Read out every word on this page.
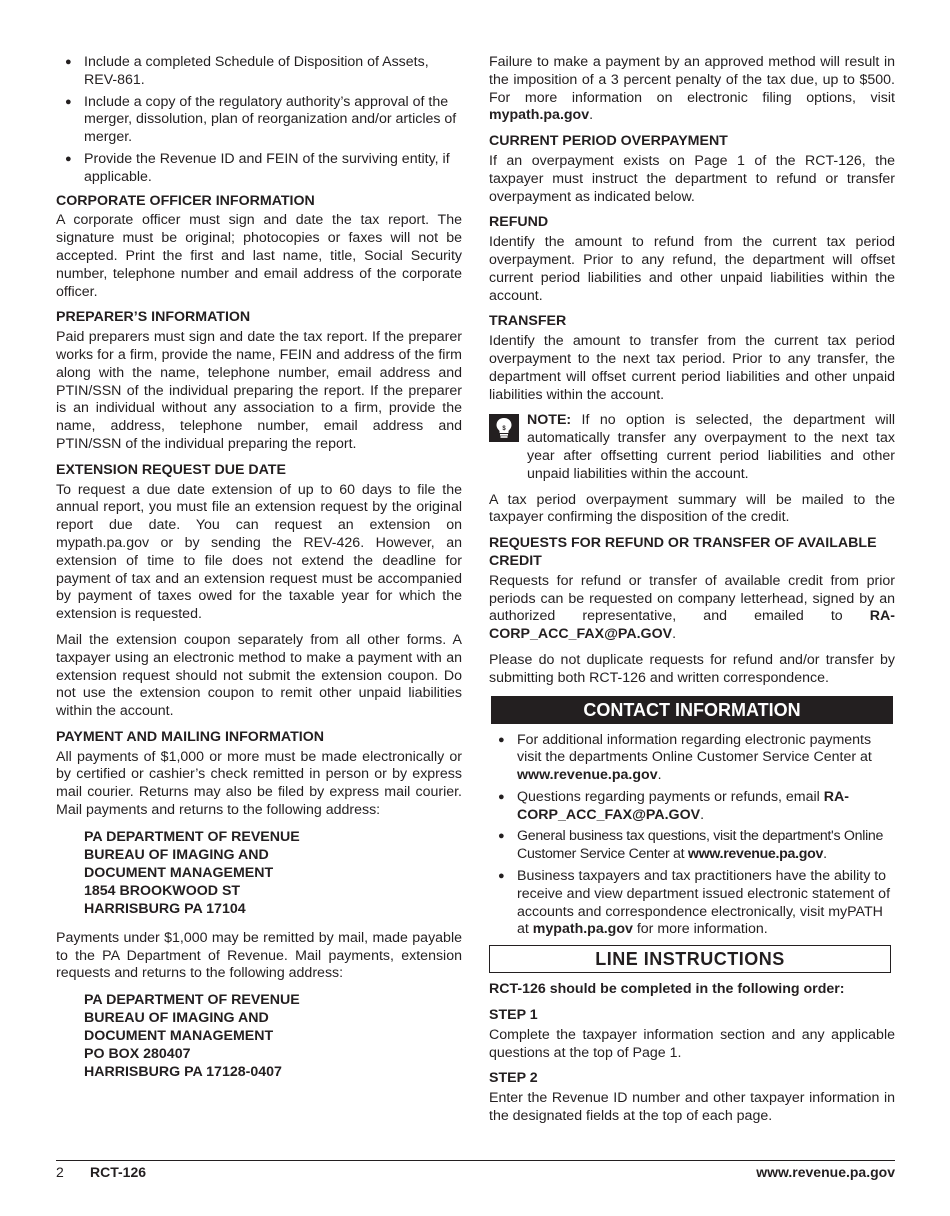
● Include a completed Schedule of Disposition of Assets, REV-861.
● Include a copy of the regulatory authority’s approval of the merger, dissolution, plan of reorganization and/or articles of merger.
● Provide the Revenue ID and FEIN of the surviving entity, if applicable.
CORPORATE OFFICER INFORMATION

A corporate officer must sign and date the tax report. The signature must be original; photocopies or faxes will not be accepted. Print the first and last name, title, Social Security number, telephone number and email address of the corporate officer.

PREPARER’S INFORMATION

Paid preparers must sign and date the tax report. If the preparer works for a firm, provide the name, FEIN and address of the firm along with the name, telephone number, email address and PTIN/SSN of the individual preparing the report. If the preparer is an individual without any association to a firm, provide the name, address, telephone number, email address and PTIN/SSN of the individual preparing the report.

EXTENSION REQUEST DUE DATE

To request a due date extension of up to 60 days to file the annual report, you must file an extension request by the original report due date. You can request an extension on mypath.pa.gov or by sending the REV-426. However, an extension of time to file does not extend the deadline for payment of tax and an extension request must be accompanied by payment of taxes owed for the taxable year for which the extension is requested.

Mail the extension coupon separately from all other forms. A taxpayer using an electronic method to make a payment with an extension request should not submit the extension coupon. Do not use the extension coupon to remit other unpaid liabilities within the account.

PAYMENT AND MAILING INFORMATION

All payments of $1,000 or more must be made electronically or by certified or cashier’s check remitted in person or by express mail courier. Returns may also be filed by express mail courier. Mail payments and returns to the following address:

PA DEPARTMENT OF REVENUE
BUREAU OF IMAGING AND
DOCUMENT MANAGEMENT
1854 BROOKWOOD ST
HARRISBURG PA 17104

Payments under $1,000 may be remitted by mail, made payable to the PA Department of Revenue. Mail payments, extension requests and returns to the following address:

PA DEPARTMENT OF REVENUE
BUREAU OF IMAGING AND
DOCUMENT MANAGEMENT
PO BOX 280407
HARRISBURG PA 17128-0407

Failure to make a payment by an approved method will result in the imposition of a 3 percent penalty of the tax due, up to $500. For more information on electronic filing options, visit mypath.pa.gov.

CURRENT PERIOD OVERPAYMENT

If an overpayment exists on Page 1 of the RCT-126, the taxpayer must instruct the department to refund or transfer overpayment as indicated below.

REFUND

Identify the amount to refund from the current tax period overpayment. Prior to any refund, the department will offset current period liabilities and other unpaid liabilities within the account.

TRANSFER

Identify the amount to transfer from the current tax period overpayment to the next tax period. Prior to any transfer, the department will offset current period liabilities and other unpaid liabilities within the account.

$
NOTE: If no option is selected, the department will automatically transfer any overpayment to the next tax year after offsetting current period liabilities and other unpaid liabilities within the account.

A tax period overpayment summary will be mailed to the taxpayer confirming the disposition of the credit.

REQUESTS FOR REFUND OR TRANSFER OF AVAILABLE CREDIT

Requests for refund or transfer of available credit from prior periods can be requested on company letterhead, signed by an authorized representative, and emailed to RA-CORP_ACC_FAX@PA.GOV.

Please do not duplicate requests for refund and/or transfer by submitting both RCT-126 and written correspondence.

CONTACT INFORMATION
● For additional information regarding electronic payments visit the departments Online Customer Service Center at www.revenue.pa.gov.
● Questions regarding payments or refunds, email RA-CORP_ACC_FAX@PA.GOV.
● General business tax questions, visit the department's Online Customer Service Center at www.revenue.pa.gov.
● Business taxpayers and tax practitioners have the ability to receive and view department issued electronic statement of accounts and correspondence electronically, visit myPATH at mypath.pa.gov for more information.
LINE INSTRUCTIONS
RCT-126 should be completed in the following order:
STEP 1

Complete the taxpayer information section and any applicable questions at the top of Page 1.

STEP 2

Enter the Revenue ID number and other taxpayer information in the designated fields at the top of each page.

2 RCT-126	www.revenue.pa.gov
